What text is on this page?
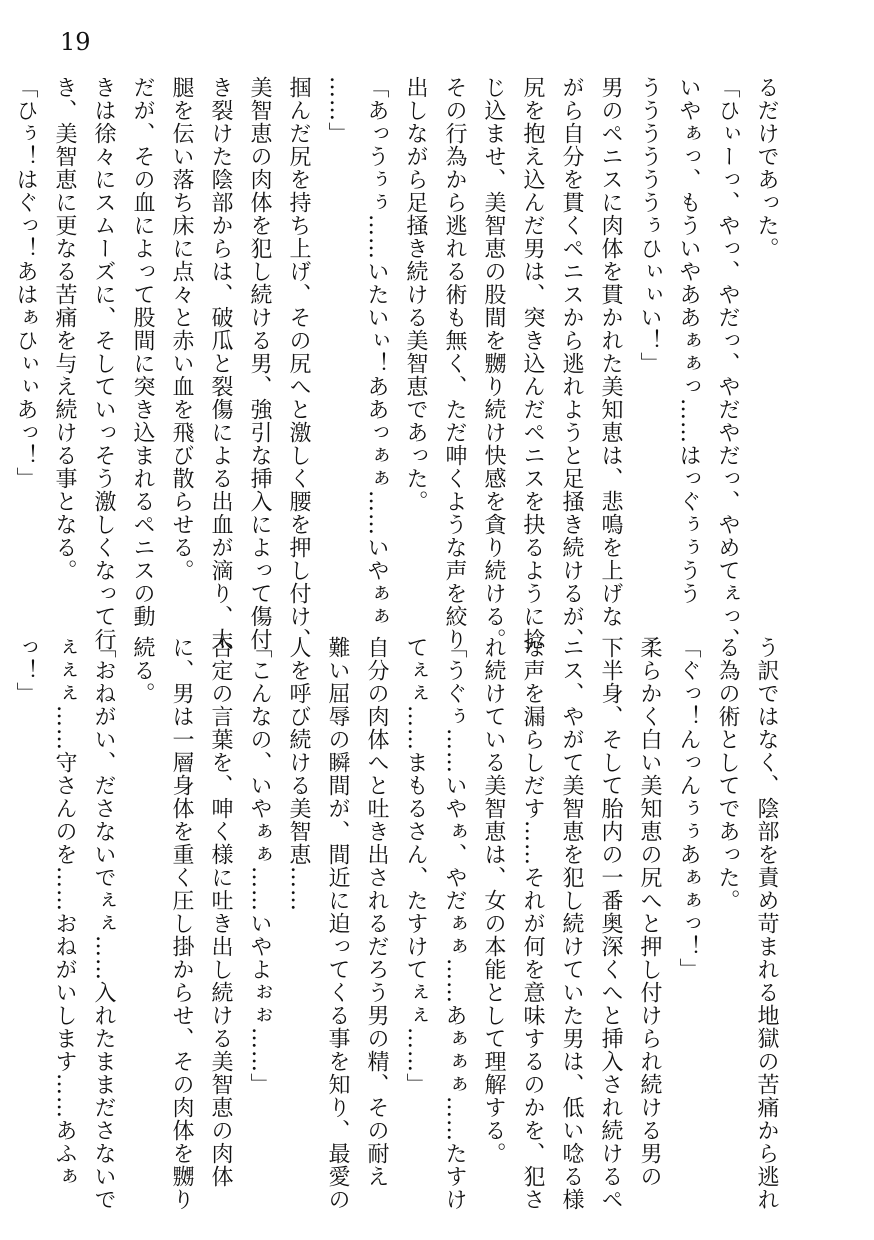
19
るだけであった。
「ひぃーっ、やっ、やだっ、やだやだっ、やめてぇっ、
いやぁっ、もういやああぁぁっ……はっぐぅぅうう
ううううううぅひぃぃい！」
男のペニスに肉体を貫かれた美知恵は、悲鳴を上げな
がら自分を貫くペニスから逃れようと足掻き続けるが、
尻を抱え込んだ男は、突き込んだペニスを抉るように捻
じ込ませ、美智恵の股間を嬲り続け快感を貪り続ける。
その行為から逃れる術も無く、ただ呻くような声を絞り
出しながら足掻き続ける美智恵であった。
「あっうぅぅ……いたいぃ！ああっぁぁ……いやぁぁ
……」
掴んだ尻を持ち上げ、その尻へと激しく腰を押し付け、
美智恵の肉体を犯し続ける男、強引な挿入によって傷付
き裂けた陰部からは、破瓜と裂傷による出血が滴り、太
腿を伝い落ち床に点々と赤い血を飛び散らせる。
だが、その血によって股間に突き込まれるペニスの動
きは徐々にスムーズに、そしていっそう激しくなって行
き、美智恵に更なる苦痛を与え続ける事となる。
「ひぅ！はぐっ！あはぁひぃぃあっ！」
う訳ではなく、陰部を責め苛まれる地獄の苦痛から逃れ
る為の術としてであった。
「ぐっ！んっんぅぅあぁぁっ！」
柔らかく白い美知恵の尻へと押し付けられ続ける男の
下半身、そして胎内の一番奥深くへと挿入され続けるペ
ニス、やがて美智恵を犯し続けていた男は、低い唸る様
な声を漏らしだす……それが何を意味するのかを、犯さ
れ続けている美智恵は、女の本能として理解する。
「うぐぅ……いやぁ、やだぁぁ……あぁぁぁ……たすけ
てぇぇ……まもるさん、たすけてぇぇ……」
自分の肉体へと吐き出されるだろう男の精、その耐え
難い屈辱の瞬間が、間近に迫ってくる事を知り、最愛の
人を呼び続ける美智恵……
「こんなの、いやぁぁ……いやよぉぉ……」
否定の言葉を、呻く様に吐き出し続ける美智恵の肉体
に、男は一層身体を重く圧し掛からせ、その肉体を嬲り
続る。
「おねがい、ださないでぇぇ……入れたままださないで
ぇぇぇ……守さんのを……おねがいします……あふぁ
っ！」
